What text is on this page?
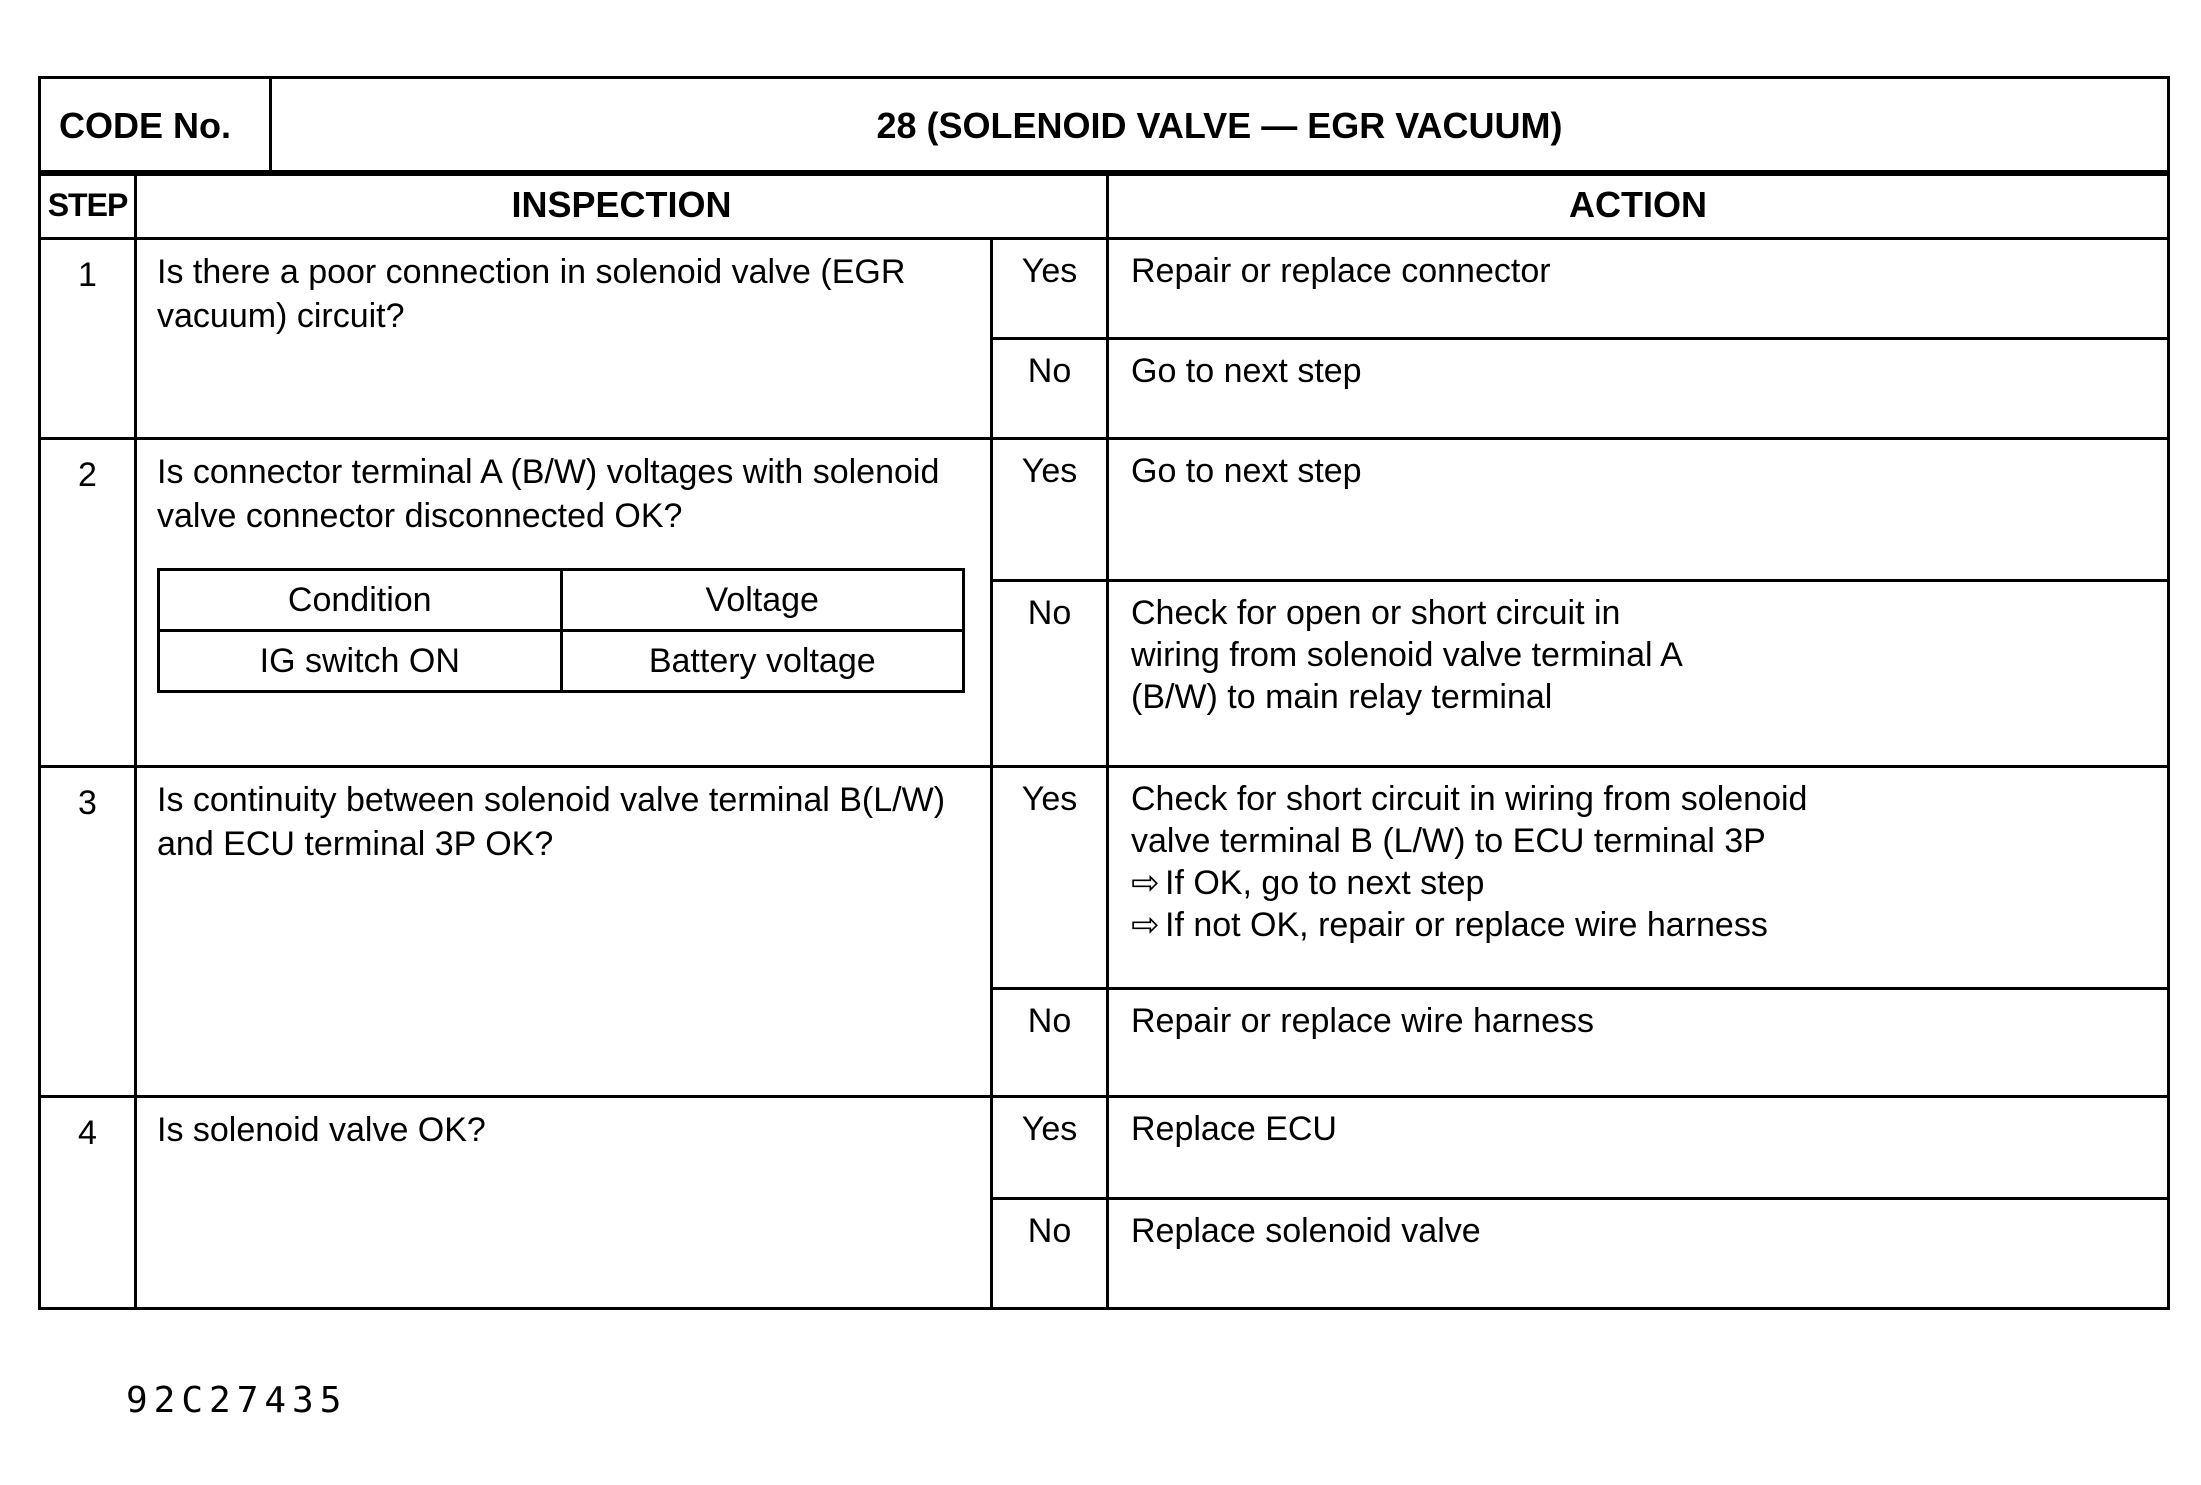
CODE No.	28 (SOLENOID VALVE — EGR VACUUM)
STEP	INSPECTION	ACTION
1	Is there a poor connection in solenoid valve (EGR vacuum) circuit?	Yes	Repair or replace connector

No	Go to next step

2	Is connector terminal A (B/W) voltages with solenoid valve connector disconnected OK?
Condition	Voltage
IG switch ON	Battery voltage
	Yes	Go to next step

No	Check for open or short circuit in
wiring from solenoid valve terminal A
(B/W) to main relay terminal

3	Is continuity between solenoid valve terminal B(L/W) and ECU terminal 3P OK?	Yes	Check for short circuit in wiring from solenoid
valve terminal B (L/W) to ECU terminal 3P
⇨ If OK, go to next step
⇨ If not OK, repair or replace wire harness

No	Repair or replace wire harness

4	Is solenoid valve OK?	Yes	Replace ECU

No	Replace solenoid valve
92C27435
